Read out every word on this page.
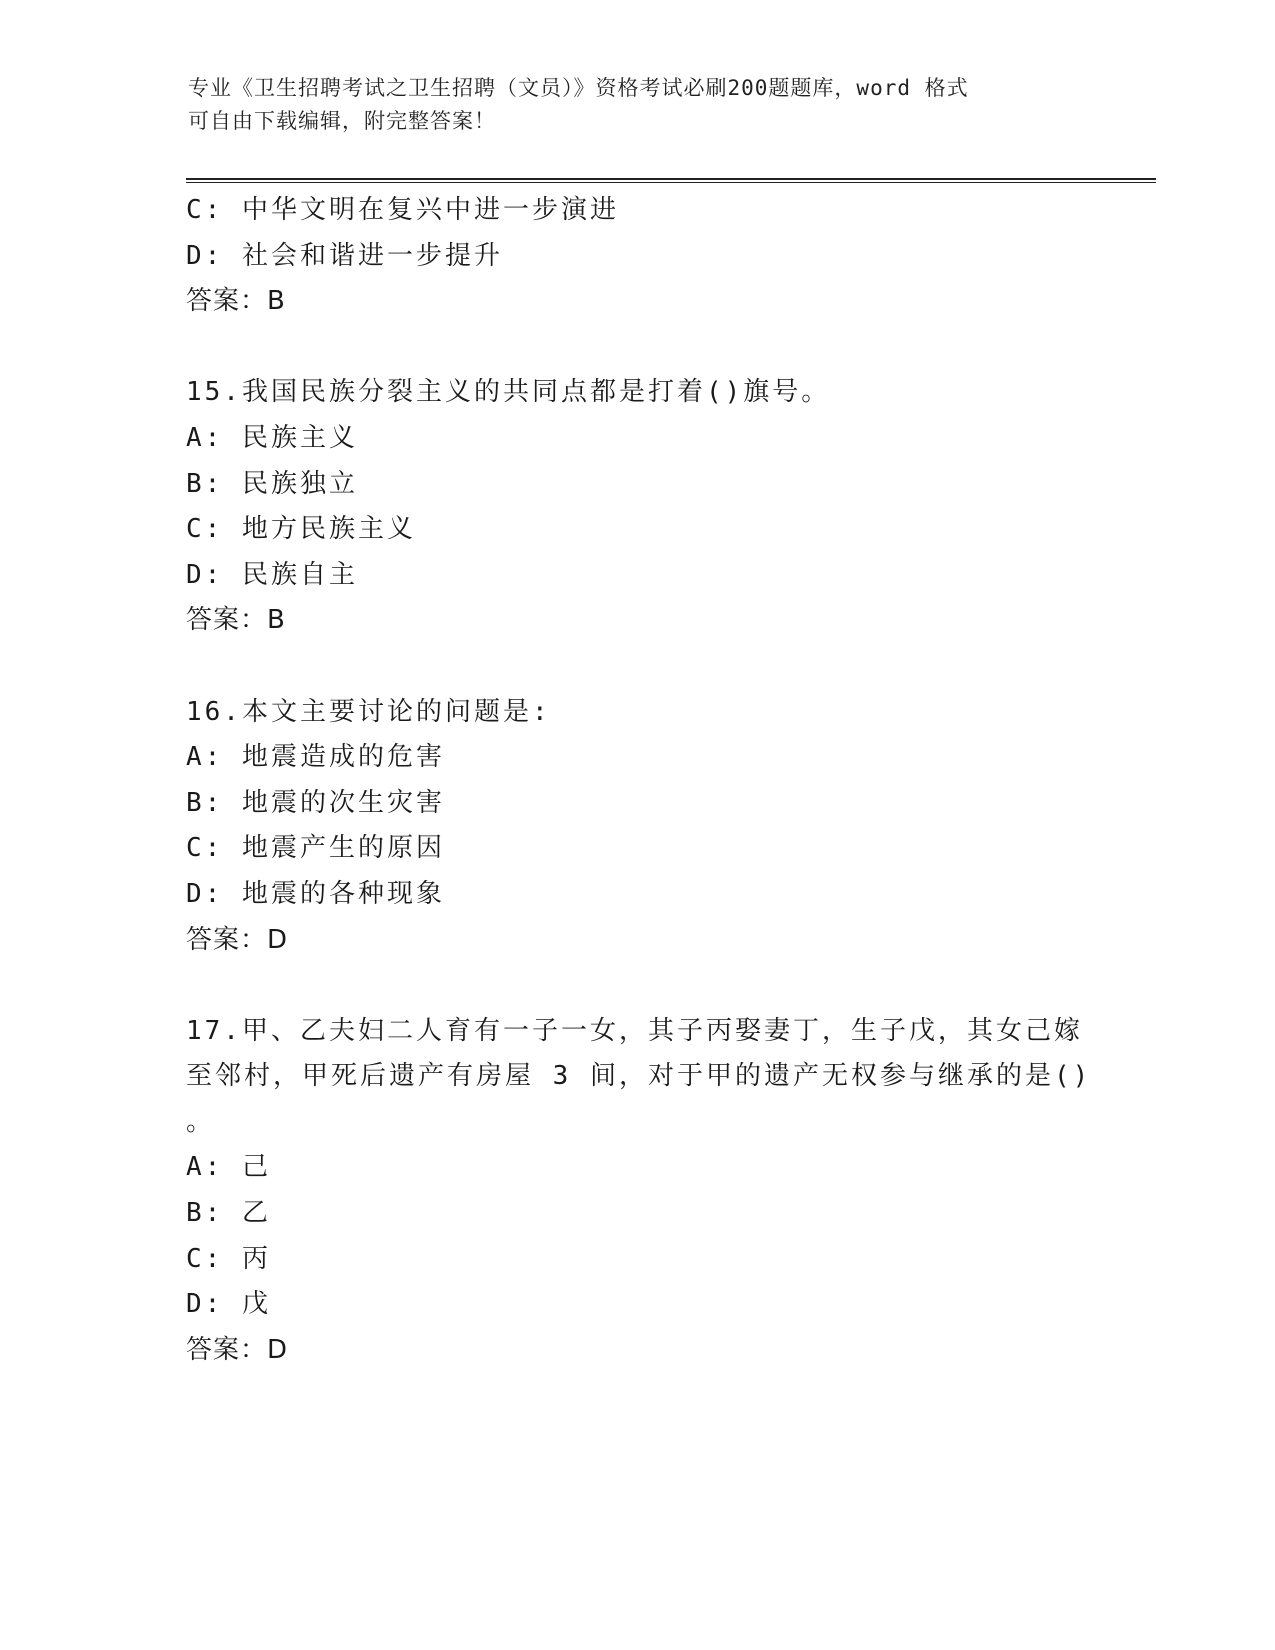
专业《卫生招聘考试之卫生招聘（文员）》资格考试必刷200题题库，word 格式
可自由下载编辑，附完整答案！
C: 中华文明在复兴中进一步演进
D: 社会和谐进一步提升
答案：B
15.我国民族分裂主义的共同点都是打着()旗号。
A: 民族主义
B: 民族独立
C: 地方民族主义
D: 民族自主
答案：B
16.本文主要讨论的问题是:
A: 地震造成的危害
B: 地震的次生灾害
C: 地震产生的原因
D: 地震的各种现象
答案：D
17.甲、乙夫妇二人育有一子一女，其子丙娶妻丁，生子戊，其女己嫁
至邻村，甲死后遗产有房屋 3 间，对于甲的遗产无权参与继承的是()
。
A: 己
B: 乙
C: 丙
D: 戊
答案：D
